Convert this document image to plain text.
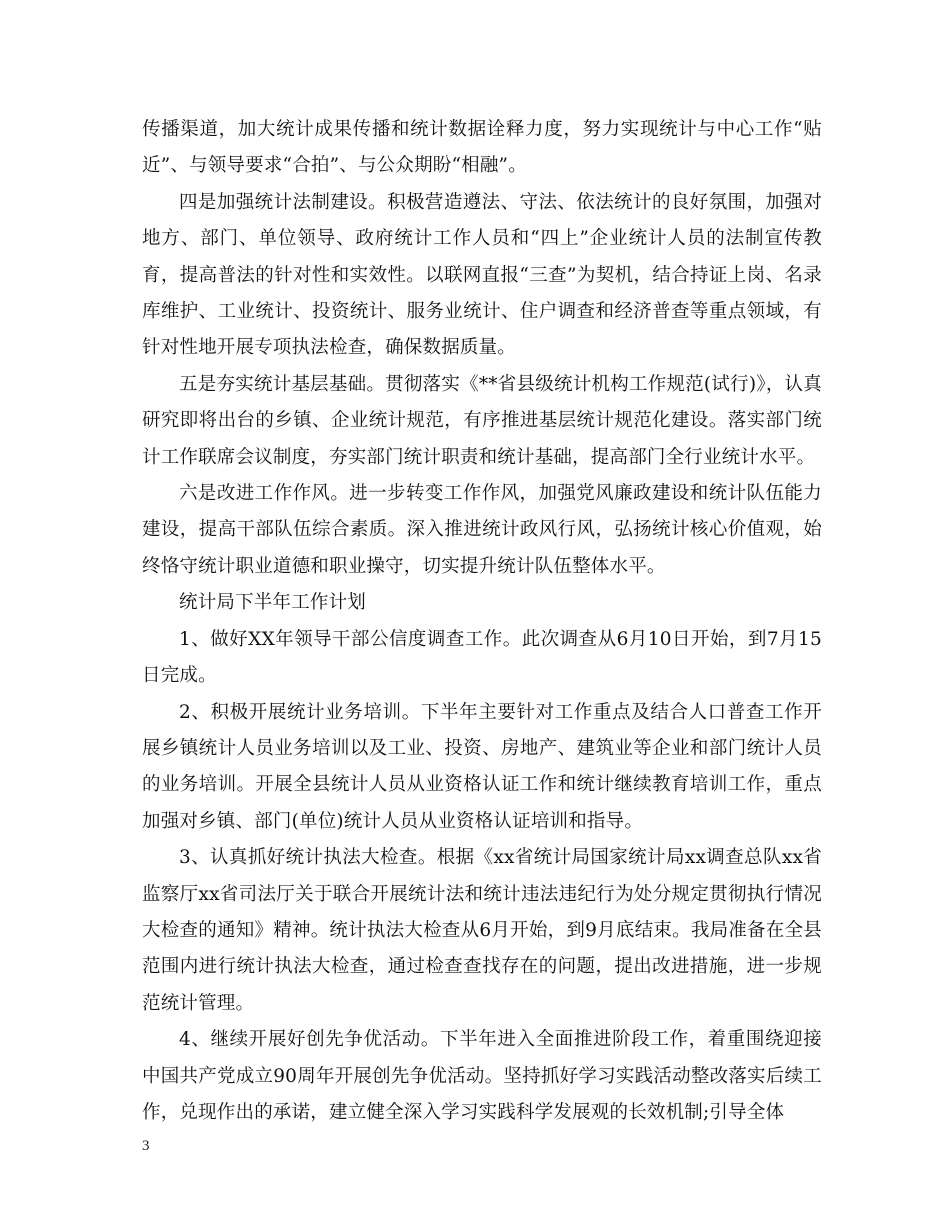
传播渠道，加大统计成果传播和统计数据诠释力度，努力实现统计与中心工作“贴近”、与领导要求“合拍”、与公众期盼“相融”。

四是加强统计法制建设。积极营造遵法、守法、依法统计的良好氛围，加强对地方、部门、单位领导、政府统计工作人员和“四上”企业统计人员的法制宣传教育，提高普法的针对性和实效性。以联网直报“三查”为契机，结合持证上岗、名录库维护、工业统计、投资统计、服务业统计、住户调查和经济普查等重点领域，有针对性地开展专项执法检查，确保数据质量。

五是夯实统计基层基础。贯彻落实《**省县级统计机构工作规范(试行)》，认真研究即将出台的乡镇、企业统计规范，有序推进基层统计规范化建设。落实部门统计工作联席会议制度，夯实部门统计职责和统计基础，提高部门全行业统计水平。

六是改进工作作风。进一步转变工作作风，加强党风廉政建设和统计队伍能力建设，提高干部队伍综合素质。深入推进统计政风行风，弘扬统计核心价值观，始终恪守统计职业道德和职业操守，切实提升统计队伍整体水平。

统计局下半年工作计划

1、做好XX年领导干部公信度调查工作。此次调查从6月10日开始，到7月15日完成。

2、积极开展统计业务培训。下半年主要针对工作重点及结合人口普查工作开展乡镇统计人员业务培训以及工业、投资、房地产、建筑业等企业和部门统计人员的业务培训。开展全县统计人员从业资格认证工作和统计继续教育培训工作，重点加强对乡镇、部门(单位)统计人员从业资格认证培训和指导。

3、认真抓好统计执法大检查。根据《xx省统计局国家统计局xx调查总队xx省监察厅xx省司法厅关于联合开展统计法和统计违法违纪行为处分规定贯彻执行情况大检查的通知》精神。统计执法大检查从6月开始，到9月底结束。我局准备在全县范围内进行统计执法大检查，通过检查查找存在的问题，提出改进措施，进一步规范统计管理。

4、继续开展好创先争优活动。下半年进入全面推进阶段工作，着重围绕迎接中国共产党成立90周年开展创先争优活动。坚持抓好学习实践活动整改落实后续工作，兑现作出的承诺，建立健全深入学习实践科学发展观的长效机制;引导全体

3
